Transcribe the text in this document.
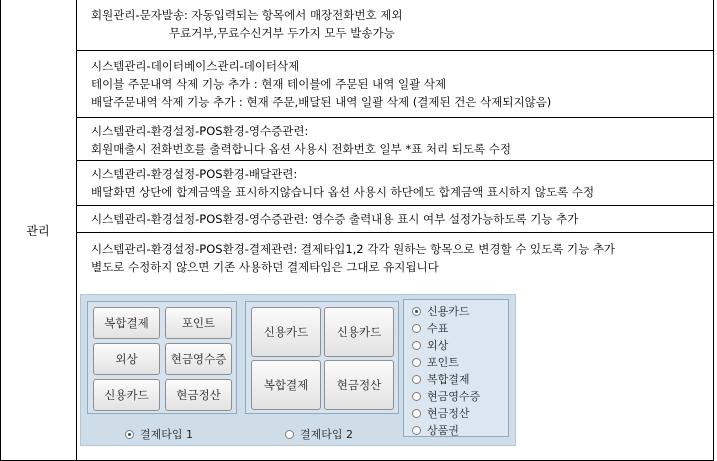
관리
회원관리-문자발송: 자동입력되는 항목에서 매장전화번호 제외
무료거부,무료수신거부 두가지 모두 발송가능
시스템관리-데이터베이스관리-데이터삭제
테이블 주문내역 삭제 기능 추가 : 현재 테이블에 주문된 내역 일괄 삭제
배달주문내역 삭제 기능 추가 : 현재 주문,배달된 내역 일괄 삭제 (결제된 건은 삭제되지않음)
시스템관리-환경설정-POS환경-영수증관련:
회원매출시 전화번호를 출력합니다 옵션 사용시 전화번호 일부 *표 처리 되도록 수정
시스템관리-환경설정-POS환경-배달관련:
배달화면 상단에 합계금액을 표시하지않습니다 옵션 사용시 하단에도 합계금액 표시하지 않도록 수정
시스템관리-환경설정-POS환경-영수증관련: 영수증 출력내용 표시 여부 설정가능하도록 기능 추가
시스템관리-환경설정-POS환경-결제관련: 결제타입1,2 각각 원하는 항목으로 변경할 수 있도록 기능 추가
별도로 수정하지 않으면 기존 사용하던 결제타입은 그대로 유지됩니다
복합결제	포인트
외상	현금영수증
신용카드	현금정산
신용카드	신용카드
복합결제	현금정산
신용카드
수표
외상
포인트
복합결제
현금영수증
현금정산
상품권
결제타입 1	결제타입 2
